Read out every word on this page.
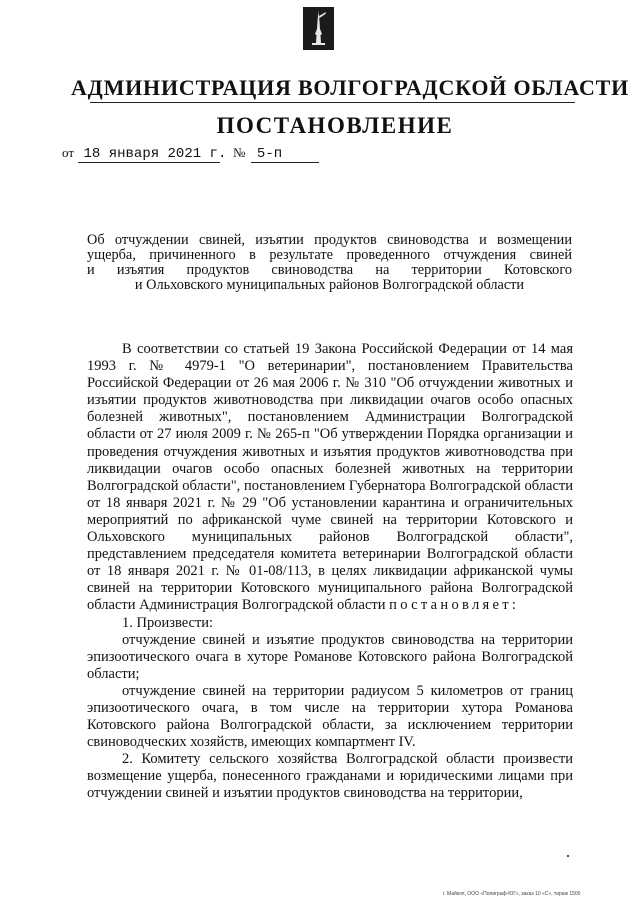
АДМИНИСТРАЦИЯ ВОЛГОГРАДСКОЙ ОБЛАСТИ
ПОСТАНОВЛЕНИЕ
от 18 января 2021 г. № 5-п
Об отчуждении свиней, изъятии продуктов свиноводства и возмещении
ущерба, причиненного в результате проведенного отчуждения свиней
и изъятия продуктов свиноводства на территории Котовского
и Ольховского муниципальных районов Волгоградской области

В соответствии со статьей 19 Закона Российской Федерации от 14 мая 1993 г. № 4979-1 "О ветеринарии", постановлением Правительства Российской Федерации от 26 мая 2006 г. № 310 "Об отчуждении животных и изъятии продуктов животноводства при ликвидации очагов особо опасных болезней животных", постановлением Администрации Волгоградской области от 27 июля 2009 г. № 265-п "Об утверждении Порядка организации и проведения отчуждения животных и изъятия продуктов животноводства при ликвидации очагов особо опасных болезней животных на территории Волгоградской области", постановлением Губернатора Волгоградской области от 18 января 2021 г. № 29 "Об установлении карантина и ограничительных мероприятий по африканской чуме свиней на территории Котовского и Ольховского муниципальных районов Волгоградской области", представлением председателя комитета ветеринарии Волгоградской области от 18 января 2021 г. № 01-08/113, в целях ликвидации африканской чумы свиней на территории Котовского муниципального района Волгоградской области Администрация Волгоградской области постановляет:

1. Произвести:

отчуждение свиней и изъятие продуктов свиноводства на территории эпизоотического очага в хуторе Романове Котовского района Волгоградской области;

отчуждение свиней на территории радиусом 5 километров от границ эпизоотического очага, в том числе на территории хутора Романова Котовского района Волгоградской области, за исключением территории свиноводческих хозяйств, имеющих компартмент IV.

2. Комитету сельского хозяйства Волгоградской области произвести возмещение ущерба, понесенного гражданами и юридическими лицами при отчуждении свиней и изъятии продуктов свиноводства на территории,

г. Майкоп, ООО «Полиграф-ЮГ», заказ 10 «С», тираж 1500
